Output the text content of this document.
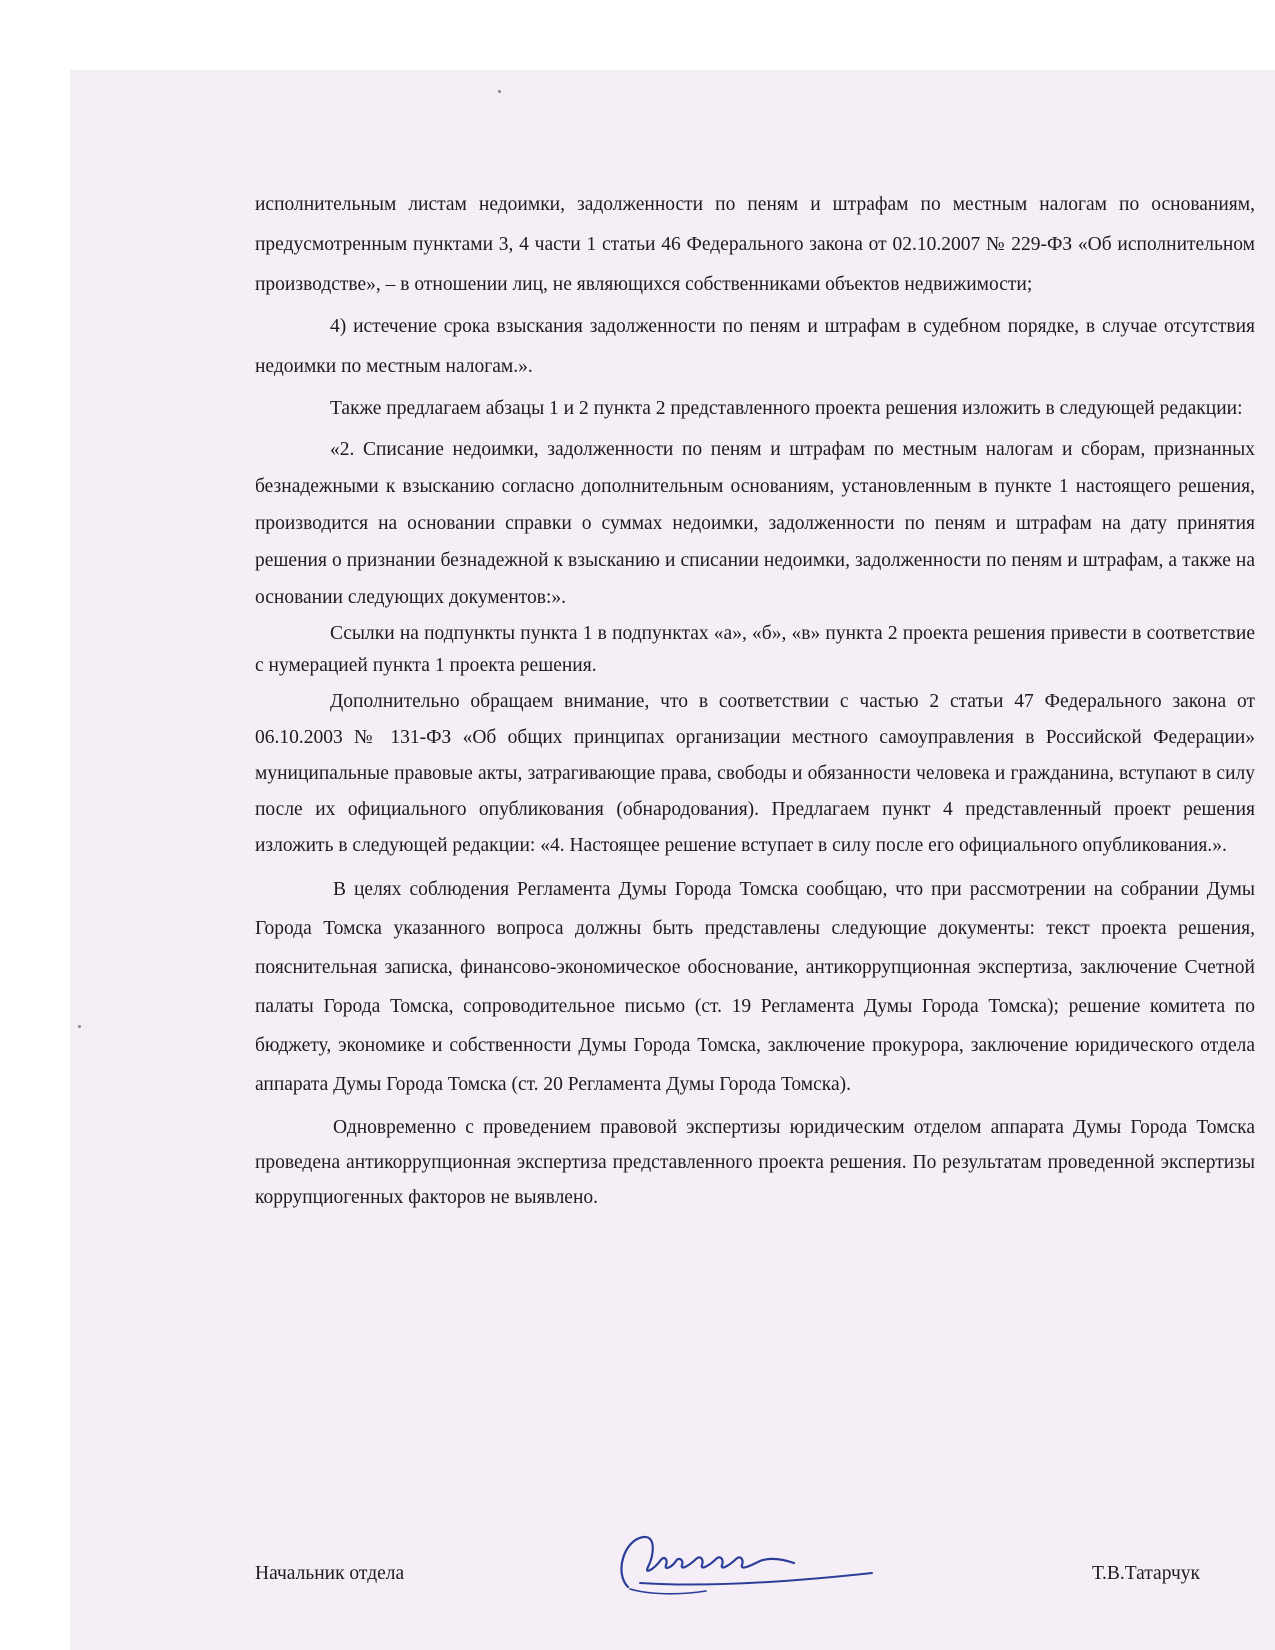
исполнительным листам недоимки, задолженности по пеням и штрафам по местным налогам по основаниям, предусмотренным пунктами 3, 4 части 1 статьи 46 Федерального закона от 02.10.2007 № 229-ФЗ «Об исполнительном производстве», – в отношении лиц, не являющихся собственниками объектов недвижимости;

4) истечение срока взыскания задолженности по пеням и штрафам в судебном порядке, в случае отсутствия недоимки по местным налогам.».

Также предлагаем абзацы 1 и 2 пункта 2 представленного проекта решения изложить в следующей редакции:

«2. Списание недоимки, задолженности по пеням и штрафам по местным налогам и сборам, признанных безнадежными к взысканию согласно дополнительным основаниям, установленным в пункте 1 настоящего решения, производится на основании справки о суммах недоимки, задолженности по пеням и штрафам на дату принятия решения о признании безнадежной к взысканию и списании недоимки, задолженности по пеням и штрафам, а также на основании следующих документов:».

Ссылки на подпункты пункта 1 в подпунктах «а», «б», «в» пункта 2 проекта решения привести в соответствие с нумерацией пункта 1 проекта решения.

Дополнительно обращаем внимание, что в соответствии с частью 2 статьи 47 Федерального закона от 06.10.2003 № 131-ФЗ «Об общих принципах организации местного самоуправления в Российской Федерации» муниципальные правовые акты, затрагивающие права, свободы и обязанности человека и гражданина, вступают в силу после их официального опубликования (обнародования). Предлагаем пункт 4 представленный проект решения изложить в следующей редакции: «4. Настоящее решение вступает в силу после его официального опубликования.».

В целях соблюдения Регламента Думы Города Томска сообщаю, что при рассмотрении на собрании Думы Города Томска указанного вопроса должны быть представлены следующие документы: текст проекта решения, пояснительная записка, финансово-экономическое обоснование, антикоррупционная экспертиза, заключение Счетной палаты Города Томска, сопроводительное письмо (ст. 19 Регламента Думы Города Томска); решение комитета по бюджету, экономике и собственности Думы Города Томска, заключение прокурора, заключение юридического отдела аппарата Думы Города Томска (ст. 20 Регламента Думы Города Томска).

Одновременно с проведением правовой экспертизы юридическим отделом аппарата Думы Города Томска проведена антикоррупционная экспертиза представленного проекта решения. По результатам проведенной экспертизы коррупциогенных факторов не выявлено.

Начальник отдела	Т.В.Татарчук
